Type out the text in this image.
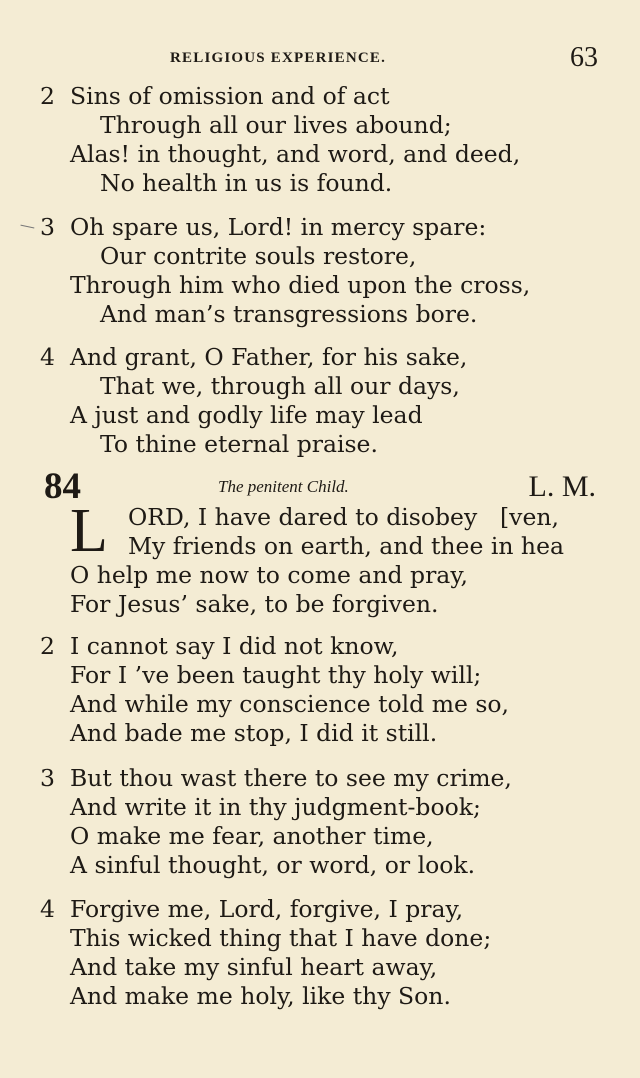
RELIGIOUS EXPERIENCE.	63
2 Sins of omission and of act
Through all our lives abound;
Alas! in thought, and word, and deed,
No health in us is found.
3 Oh spare us, Lord! in mercy spare:
Our contrite souls restore,
Through him who died upon the cross,
And man’s transgressions bore.
4 And grant, O Father, for his sake,
That we, through all our days,
A just and godly life may lead
To thine eternal praise.
84	The penitent Child.	L. M.
L ORD, I have dared to disobey [ven,
My friends on earth, and thee in hea
O help me now to come and pray,
For Jesus’ sake, to be forgiven.
2 I cannot say I did not know,
For I ’ve been taught thy holy will;
And while my conscience told me so,
And bade me stop, I did it still.
3 But thou wast there to see my crime,
And write it in thy judgment-book;
O make me fear, another time,
A sinful thought, or word, or look.
4 Forgive me, Lord, forgive, I pray,
This wicked thing that I have done;
And take my sinful heart away,
And make me holy, like thy Son.
